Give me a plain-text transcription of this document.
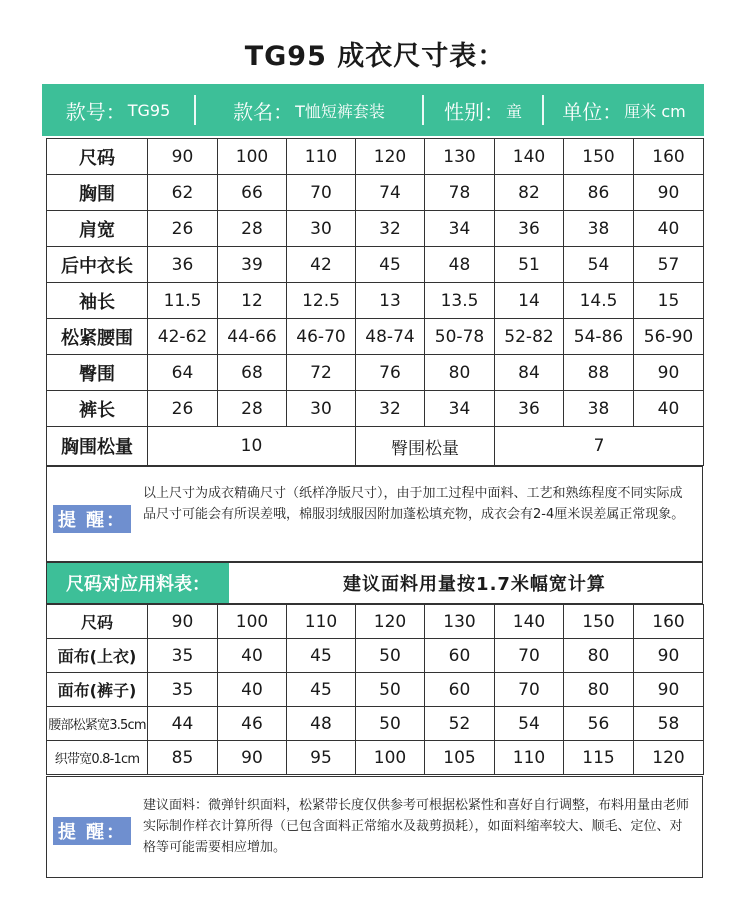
TG95 成衣尺寸表：
款号： TG95	款名： T恤短裤套装	性别： 童 单位： 厘米 cm
尺码	90	100	110	120	130	140	150	160
胸围	62	66	70	74	78	82	86	90
肩宽	26	28	30	32	34	36	38	40
后中衣长	36	39	42	45	48	51	54	57
袖长	11.5	12	12.5	13	13.5	14	14.5	15
松紧腰围	42-62	44-66	46-70	48-74	50-78	52-82	54-86	56-90
臀围	64	68	72	76	80	84	88	90
裤长	26	28	30	32	34	36	38	40
胸围松量	10			臀围松量		7		
提 醒：
以上尺寸为成衣精确尺寸（纸样净版尺寸），由于加工过程中面料、工艺和熟练程度不同实际成品尺寸可能会有所误差哦，棉服羽绒服因附加蓬松填充物，成衣会有2-4厘米误差属正常现象。
尺码对应用料表：	建议面料用量按1.7米幅宽计算
尺码	90	100	110	120	130	140	150	160
面布(上衣)	35	40	45	50	60	70	80	90
面布(裤子)	35	40	45	50	60	70	80	90
腰部松紧宽3.5cm	44	46	48	50	52	54	56	58
织带宽0.8-1cm	85	90	95	100	105	110	115	120
提 醒：
建议面料：微弹针织面料，松紧带长度仅供参考可根据松紧性和喜好自行调整，布料用量由老师实际制作样衣计算所得（已包含面料正常缩水及裁剪损耗），如面料缩率较大、顺毛、定位、对格等可能需要相应增加。
